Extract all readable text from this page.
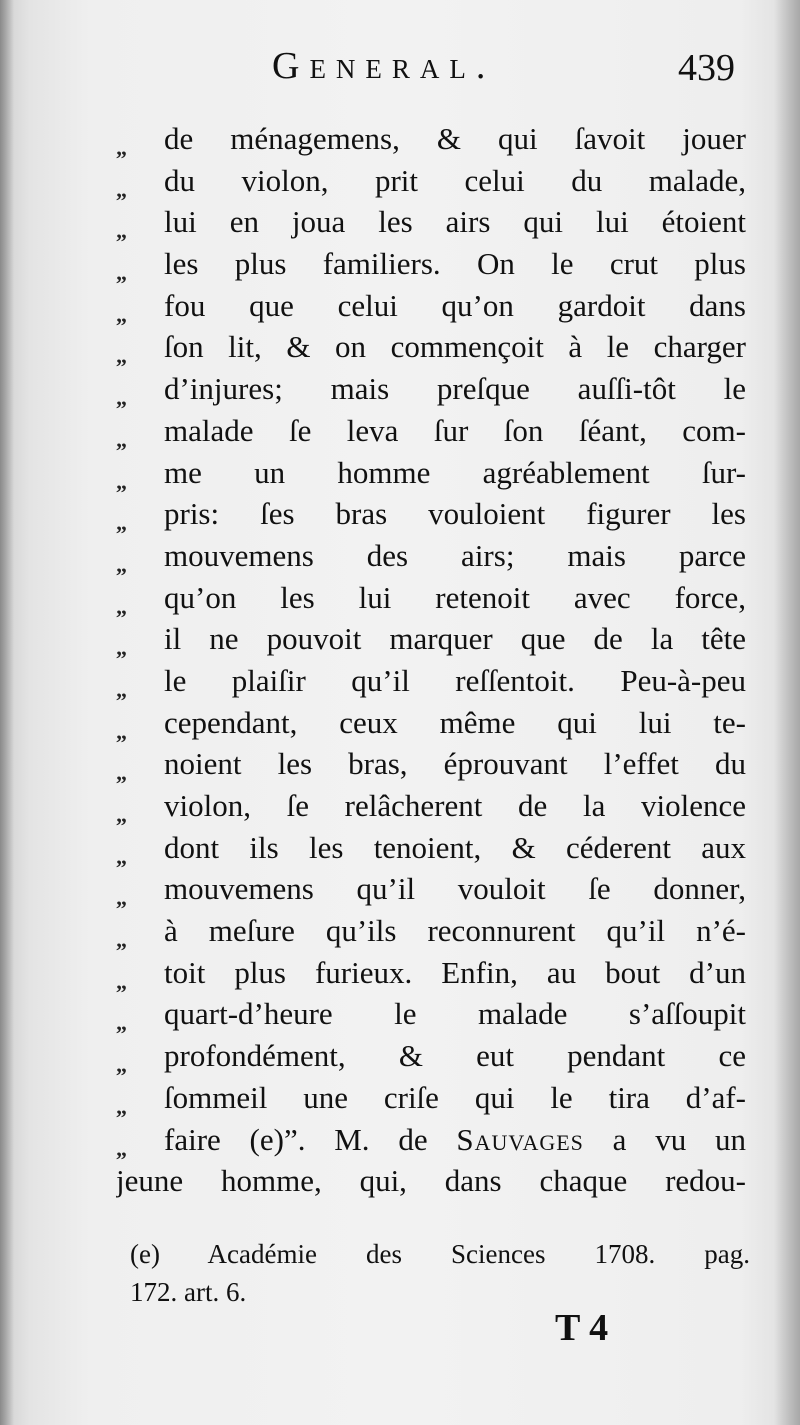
General.	439
„	de ménagemens, & qui ſavoit jouer
„	du violon, prit celui du malade,
„	lui en joua les airs qui lui étoient
„	les plus familiers. On le crut plus
„	fou que celui qu’on gardoit dans
„	ſon lit, & on commençoit à le charger
„	d’injures; mais preſque auſſi-tôt le
„	malade ſe leva ſur ſon ſéant, com-
„	me un homme agréablement ſur-
„	pris: ſes bras vouloient figurer les
„	mouvemens des airs; mais parce
„	qu’on les lui retenoit avec force,
„	il ne pouvoit marquer que de la tête
„	le plaiſir qu’il reſſentoit. Peu-à-peu
„	cependant, ceux même qui lui te-
„	noient les bras, éprouvant l’effet du
„	violon, ſe relâcherent de la violence
„	dont ils les tenoient, & céderent aux
„	mouvemens qu’il vouloit ſe donner,
„	à meſure qu’ils reconnurent qu’il n’é-
„	toit plus furieux. Enfin, au bout d’un
„	quart-d’heure le malade s’aſſoupit
„	profondément, & eut pendant ce
„	ſommeil une criſe qui le tira d’af-
„	faire (e)”. M. de Sauvages a vu un
jeune homme, qui, dans chaque redou-
(e) Académie des Sciences 1708. pag.
172. art. 6.
T 4
